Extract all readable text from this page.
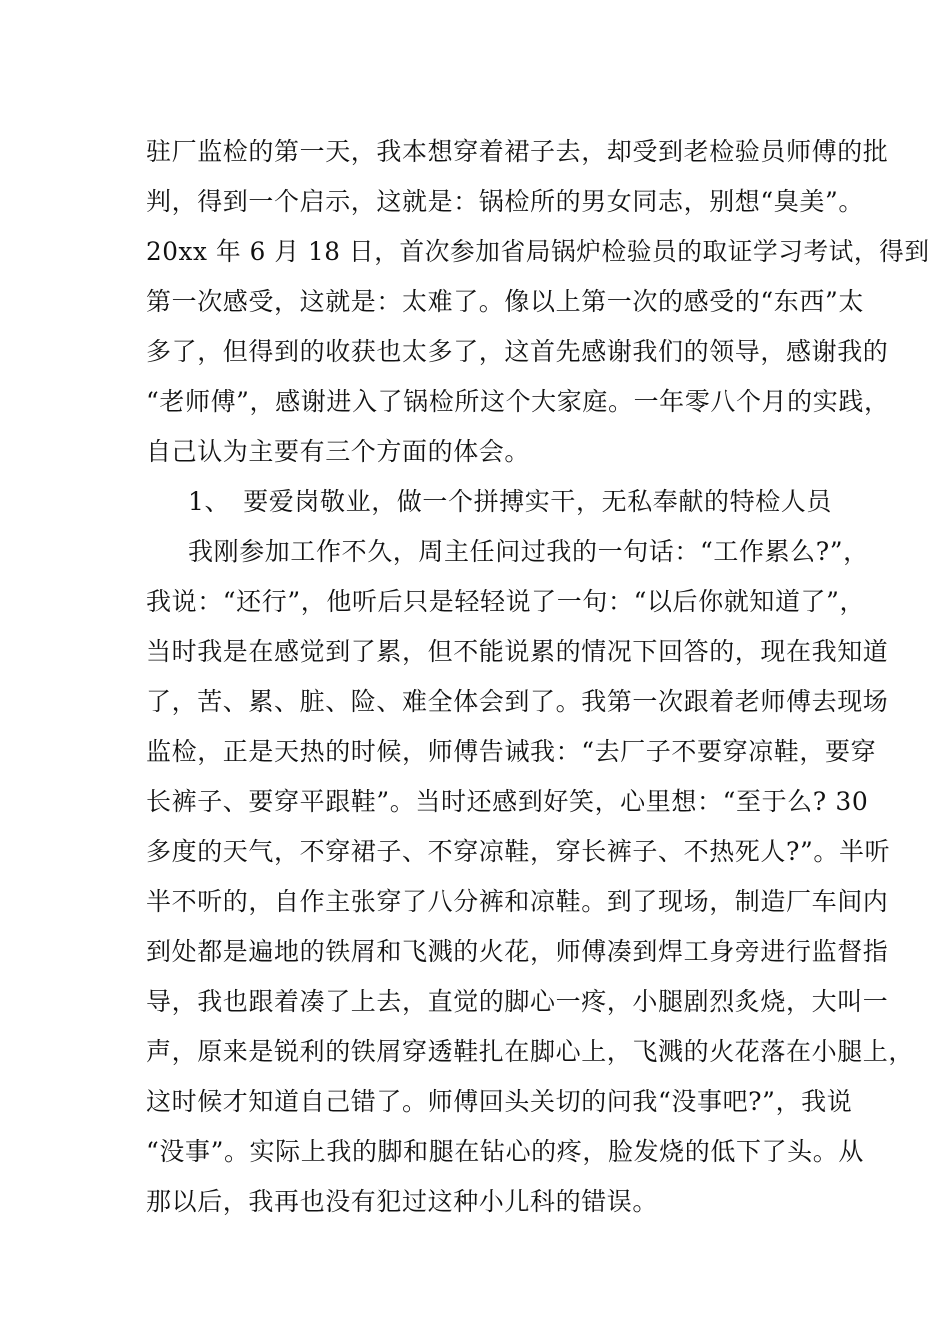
驻厂监检的第一天，我本想穿着裙子去，却受到老检验员师傅的批
判，得到一个启示，这就是：锅检所的男女同志，别想“臭美”。
20xx 年 6 月 18 日，首次参加省局锅炉检验员的取证学习考试，得到
第一次感受，这就是：太难了。像以上第一次的感受的“东西”太
多了，但得到的收获也太多了，这首先感谢我们的领导，感谢我的
“老师傅”，感谢进入了锅检所这个大家庭。一年零八个月的实践，
自己认为主要有三个方面的体会。
1、　要爱岗敬业，做一个拼搏实干，无私奉献的特检人员
我刚参加工作不久，周主任问过我的一句话：“工作累么?”，
我说：“还行”，他听后只是轻轻说了一句：“以后你就知道了”，
当时我是在感觉到了累，但不能说累的情况下回答的，现在我知道
了，苦、累、脏、险、难全体会到了。我第一次跟着老师傅去现场
监检，正是天热的时候，师傅告诫我：“去厂子不要穿凉鞋，要穿
长裤子、要穿平跟鞋”。当时还感到好笑，心里想：“至于么? 30
多度的天气，不穿裙子、不穿凉鞋，穿长裤子、不热死人?”。半听
半不听的，自作主张穿了八分裤和凉鞋。到了现场，制造厂车间内
到处都是遍地的铁屑和飞溅的火花，师傅凑到焊工身旁进行监督指
导，我也跟着凑了上去，直觉的脚心一疼，小腿剧烈炙烧，大叫一
声，原来是锐利的铁屑穿透鞋扎在脚心上，飞溅的火花落在小腿上，
这时候才知道自己错了。师傅回头关切的问我“没事吧?”，我说
“没事”。实际上我的脚和腿在钻心的疼，脸发烧的低下了头。从
那以后，我再也没有犯过这种小儿科的错误。
